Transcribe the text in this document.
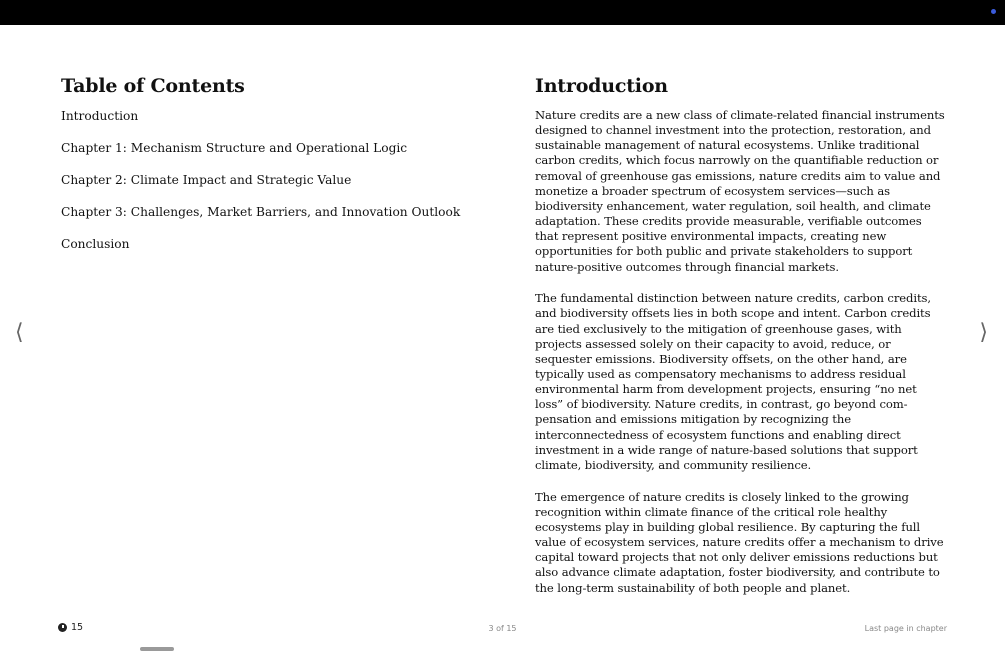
Table of Contents
Introduction
Chapter 1: Mechanism Structure and Operational Logic
Chapter 2: Climate Impact and Strategic Value
Chapter 3: Challenges, Market Barriers, and Innovation Outlook
Conclusion
Introduction

Nature credits are a new class of climate-related financial instruments designed to channel investment into the protection, restoration, and sustainable management of natural ecosystems. Unlike traditional carbon credits, which focus narrowly on the quantifiable reduction or removal of greenhouse gas emissions, nature credits aim to value and monetize a broader spectrum of ecosystem services—such as biodiversity enhancement, water regulation, soil health, and climate adaptation. These credits provide measurable, verifiable outcomes that represent positive environmental impacts, creating new opportunities for both public and private stakeholders to support nature-positive outcomes through financial markets.

The fundamental distinction between nature credits, carbon credits, and biodiversity offsets lies in both scope and intent. Carbon credits are tied exclusively to the mitigation of greenhouse gases, with projects assessed solely on their capacity to avoid, reduce, or sequester emissions. Biodiversity offsets, on the other hand, are typically used as compensatory mechanisms to address residual environmental harm from development projects, ensuring “no net loss” of biodiversity. Nature credits, in contrast, go beyond compensation and emissions mitigation by recognizing the interconnectedness of ecosystem functions and enabling direct investment in a wide range of nature-based solutions that support climate, biodiversity, and community resilience.

The emergence of nature credits is closely linked to the growing recognition within climate finance of the critical role healthy ecosystems play in building global resilience. By capturing the full value of ecosystem services, nature credits offer a mechanism to drive capital toward projects that not only deliver emissions reductions but also advance climate adaptation, foster biodiversity, and contribute to the long-term sustainability of both people and planet.

⟨	⟩
15	3 of 15	Last page in chapter
